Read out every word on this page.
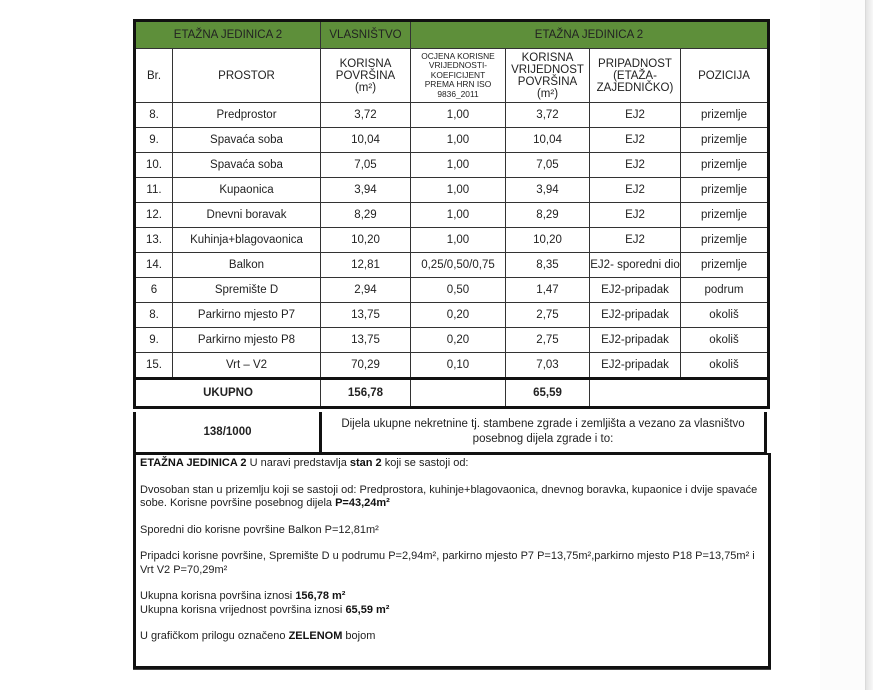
ETAŽNA JEDINICA 2		VLASNIŠTVO	ETAŽNA JEDINICA 2			
Br.	PROSTOR	KORISNA
POVRŠINA
(m²)	OCJENA KORISNE
VRIJEDNOSTI-
KOEFICIJENT
PREMA HRN ISO
9836_2011	KORISNA
VRIJEDNOST
POVRŠINA
(m²)	PRIPADNOST
(ETAŽA-
ZAJEDNIČKO)	POZICIJA
8.	Predprostor	3,72	1,00	3,72	EJ2	prizemlje
9.	Spavaća soba	10,04	1,00	10,04	EJ2	prizemlje
10.	Spavaća soba	7,05	1,00	7,05	EJ2	prizemlje
11.	Kupaonica	3,94	1,00	3,94	EJ2	prizemlje
12.	Dnevni boravak	8,29	1,00	8,29	EJ2	prizemlje
13.	Kuhinja+blagovaonica	10,20	1,00	10,20	EJ2	prizemlje
14.	Balkon	12,81	0,25/0,50/0,75	8,35	EJ2- sporedni dio	prizemlje
6	Spremište D	2,94	0,50	1,47	EJ2-pripadak	podrum
8.	Parkirno mjesto P7	13,75	0,20	2,75	EJ2-pripadak	okoliš
9.	Parkirno mjesto P8	13,75	0,20	2,75	EJ2-pripadak	okoliš
15.	Vrt – V2	70,29	0,10	7,03	EJ2-pripadak	okoliš
UKUPNO		156,78		65,59		
138/1000	Dijela ukupne nekretnine tj. stambene zgrade i zemljišta a vezano za vlasništvo
posebnog dijela zgrade i to:

ETAŽNA JEDINICA 2 U naravi predstavlja stan 2 koji se sastoji od:

Dvosoban stan u prizemlju koji se sastoji od: Predprostora, kuhinje+blagovaonica, dnevnog boravka, kupaonice i dvije spavaće sobe. Korisne površine posebnog dijela P=43,24m²

Sporedni dio korisne površine Balkon P=12,81m²

Pripadci korisne površine, Spremište D u podrumu P=2,94m², parkirno mjesto P7 P=13,75m²,parkirno mjesto P18 P=13,75m² i Vrt V2 P=70,29m²

Ukupna korisna površina iznosi 156,78 m²
Ukupna korisna vrijednost površina iznosi 65,59 m²

U grafičkom prilogu označeno ZELENOM bojom
